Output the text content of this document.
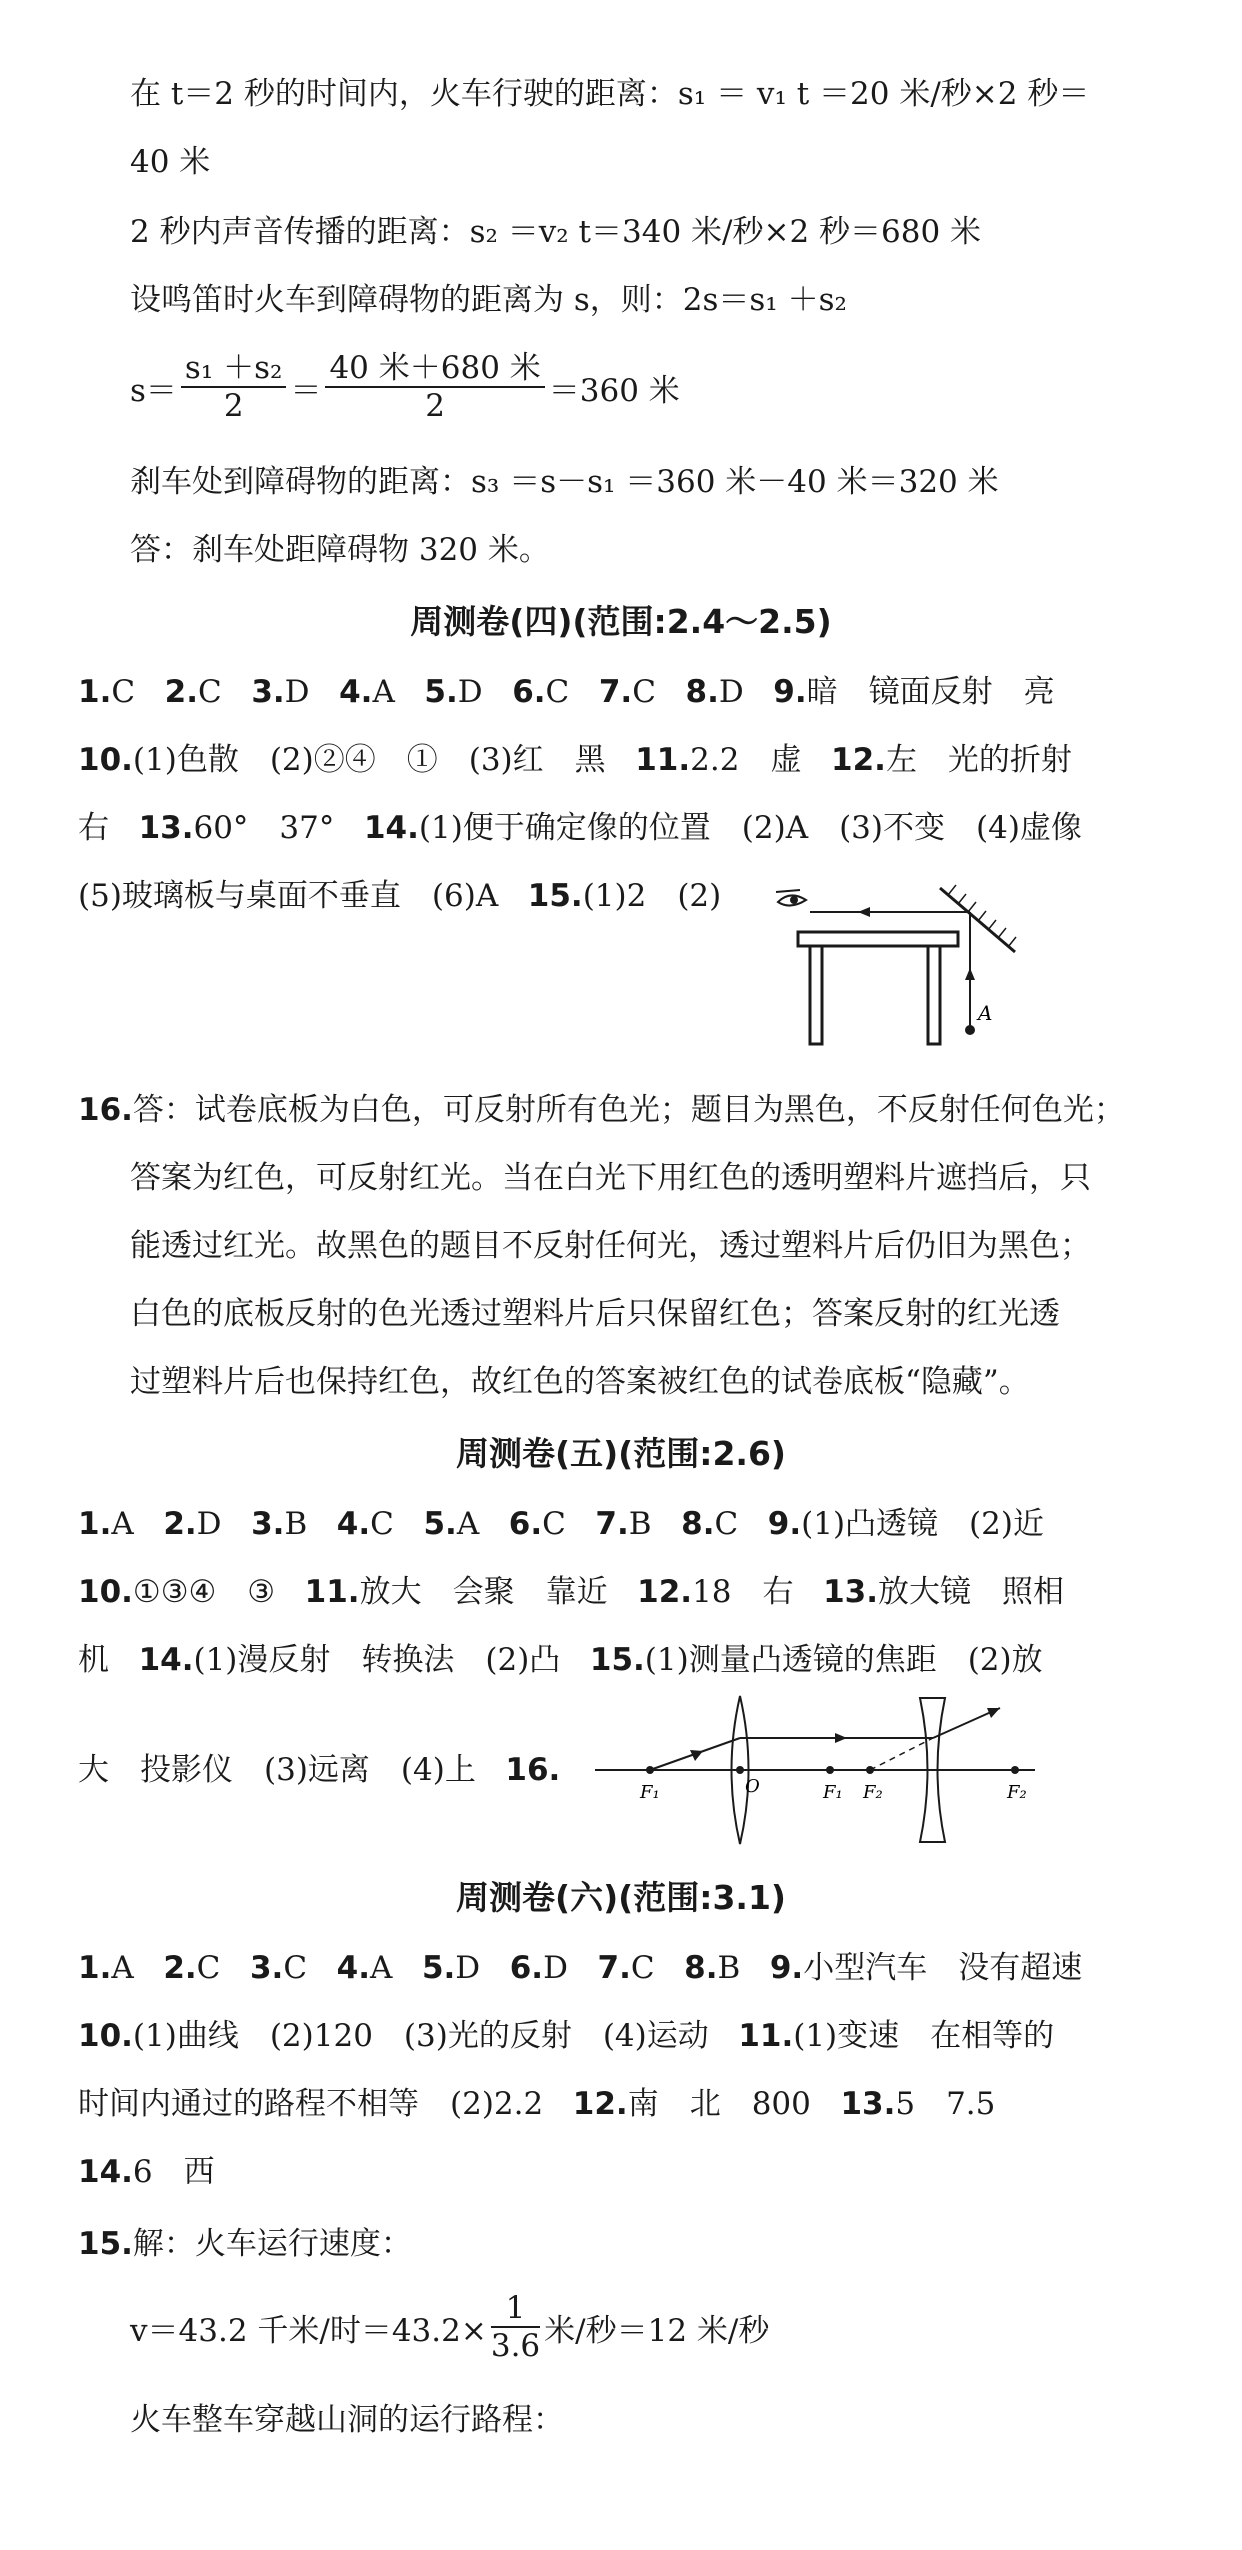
在 t＝2 秒的时间内，火车行驶的距离：s₁ ＝ v₁ t ＝20 米/秒×2 秒＝
40 米
2 秒内声音传播的距离：s₂ ＝v₂ t＝340 米/秒×2 秒＝680 米
设鸣笛时火车到障碍物的距离为 s，则：2s＝s₁ ＋s₂
$s= \frac{\text{s₁ ＋s₂}}{2} = \frac{\text{40 米＋680 米}}{2} =360$ 米
刹车处到障碍物的距离：s₃ ＝s－s₁ ＝360 米－40 米＝320 米
答：刹车处距障碍物 320 米。
周测卷(四)(范围:2.4～2.5)
1.C 2.C 3.D 4.A 5.D 6.C 7.C 8.D 9.暗　镜面反射　亮
10.(1)色散　(2)②④　①　(3)红　黑 11.2.2　虚 12.左　光的折射
右 13.60°　37° 14.(1)便于确定像的位置　(2)A　(3)不变　(4)虚像
(5)玻璃板与桌面不垂直　(6)A 15.(1)2　(2)
A
16.答：试卷底板为白色，可反射所有色光；题目为黑色，不反射任何色光；
答案为红色，可反射红光。当在白光下用红色的透明塑料片遮挡后，只
能透过红光。故黑色的题目不反射任何光，透过塑料片后仍旧为黑色；
白色的底板反射的色光透过塑料片后只保留红色；答案反射的红光透
过塑料片后也保持红色，故红色的答案被红色的试卷底板“隐藏”。
周测卷(五)(范围:2.6)
1.A 2.D 3.B 4.C 5.A 6.C 7.B 8.C 9.(1)凸透镜　(2)近
10.①③④　③ 11.放大　会聚　靠近 12.18　右 13.放大镜　照相
机 14.(1)漫反射　转换法　(2)凸 15.(1)测量凸透镜的焦距　(2)放
大　投影仪　(3)远离　(4)上 16.
F₁	O	F₁ F₂	F₂
周测卷(六)(范围:3.1)
1.A 2.C 3.C 4.A 5.D 6.D 7.C 8.B 9.小型汽车　没有超速
10.(1)曲线　(2)120　(3)光的反射　(4)运动 11.(1)变速　在相等的
时间内通过的路程不相等　(2)2.2 12.南　北　800 13.5　7.5
14.6　西
15.解：火车运行速度：
v＝43.2 千米/时$=43.2\times \frac{1}{3.6}$ 米/秒＝12 米/秒
火车整车穿越山洞的运行路程：
